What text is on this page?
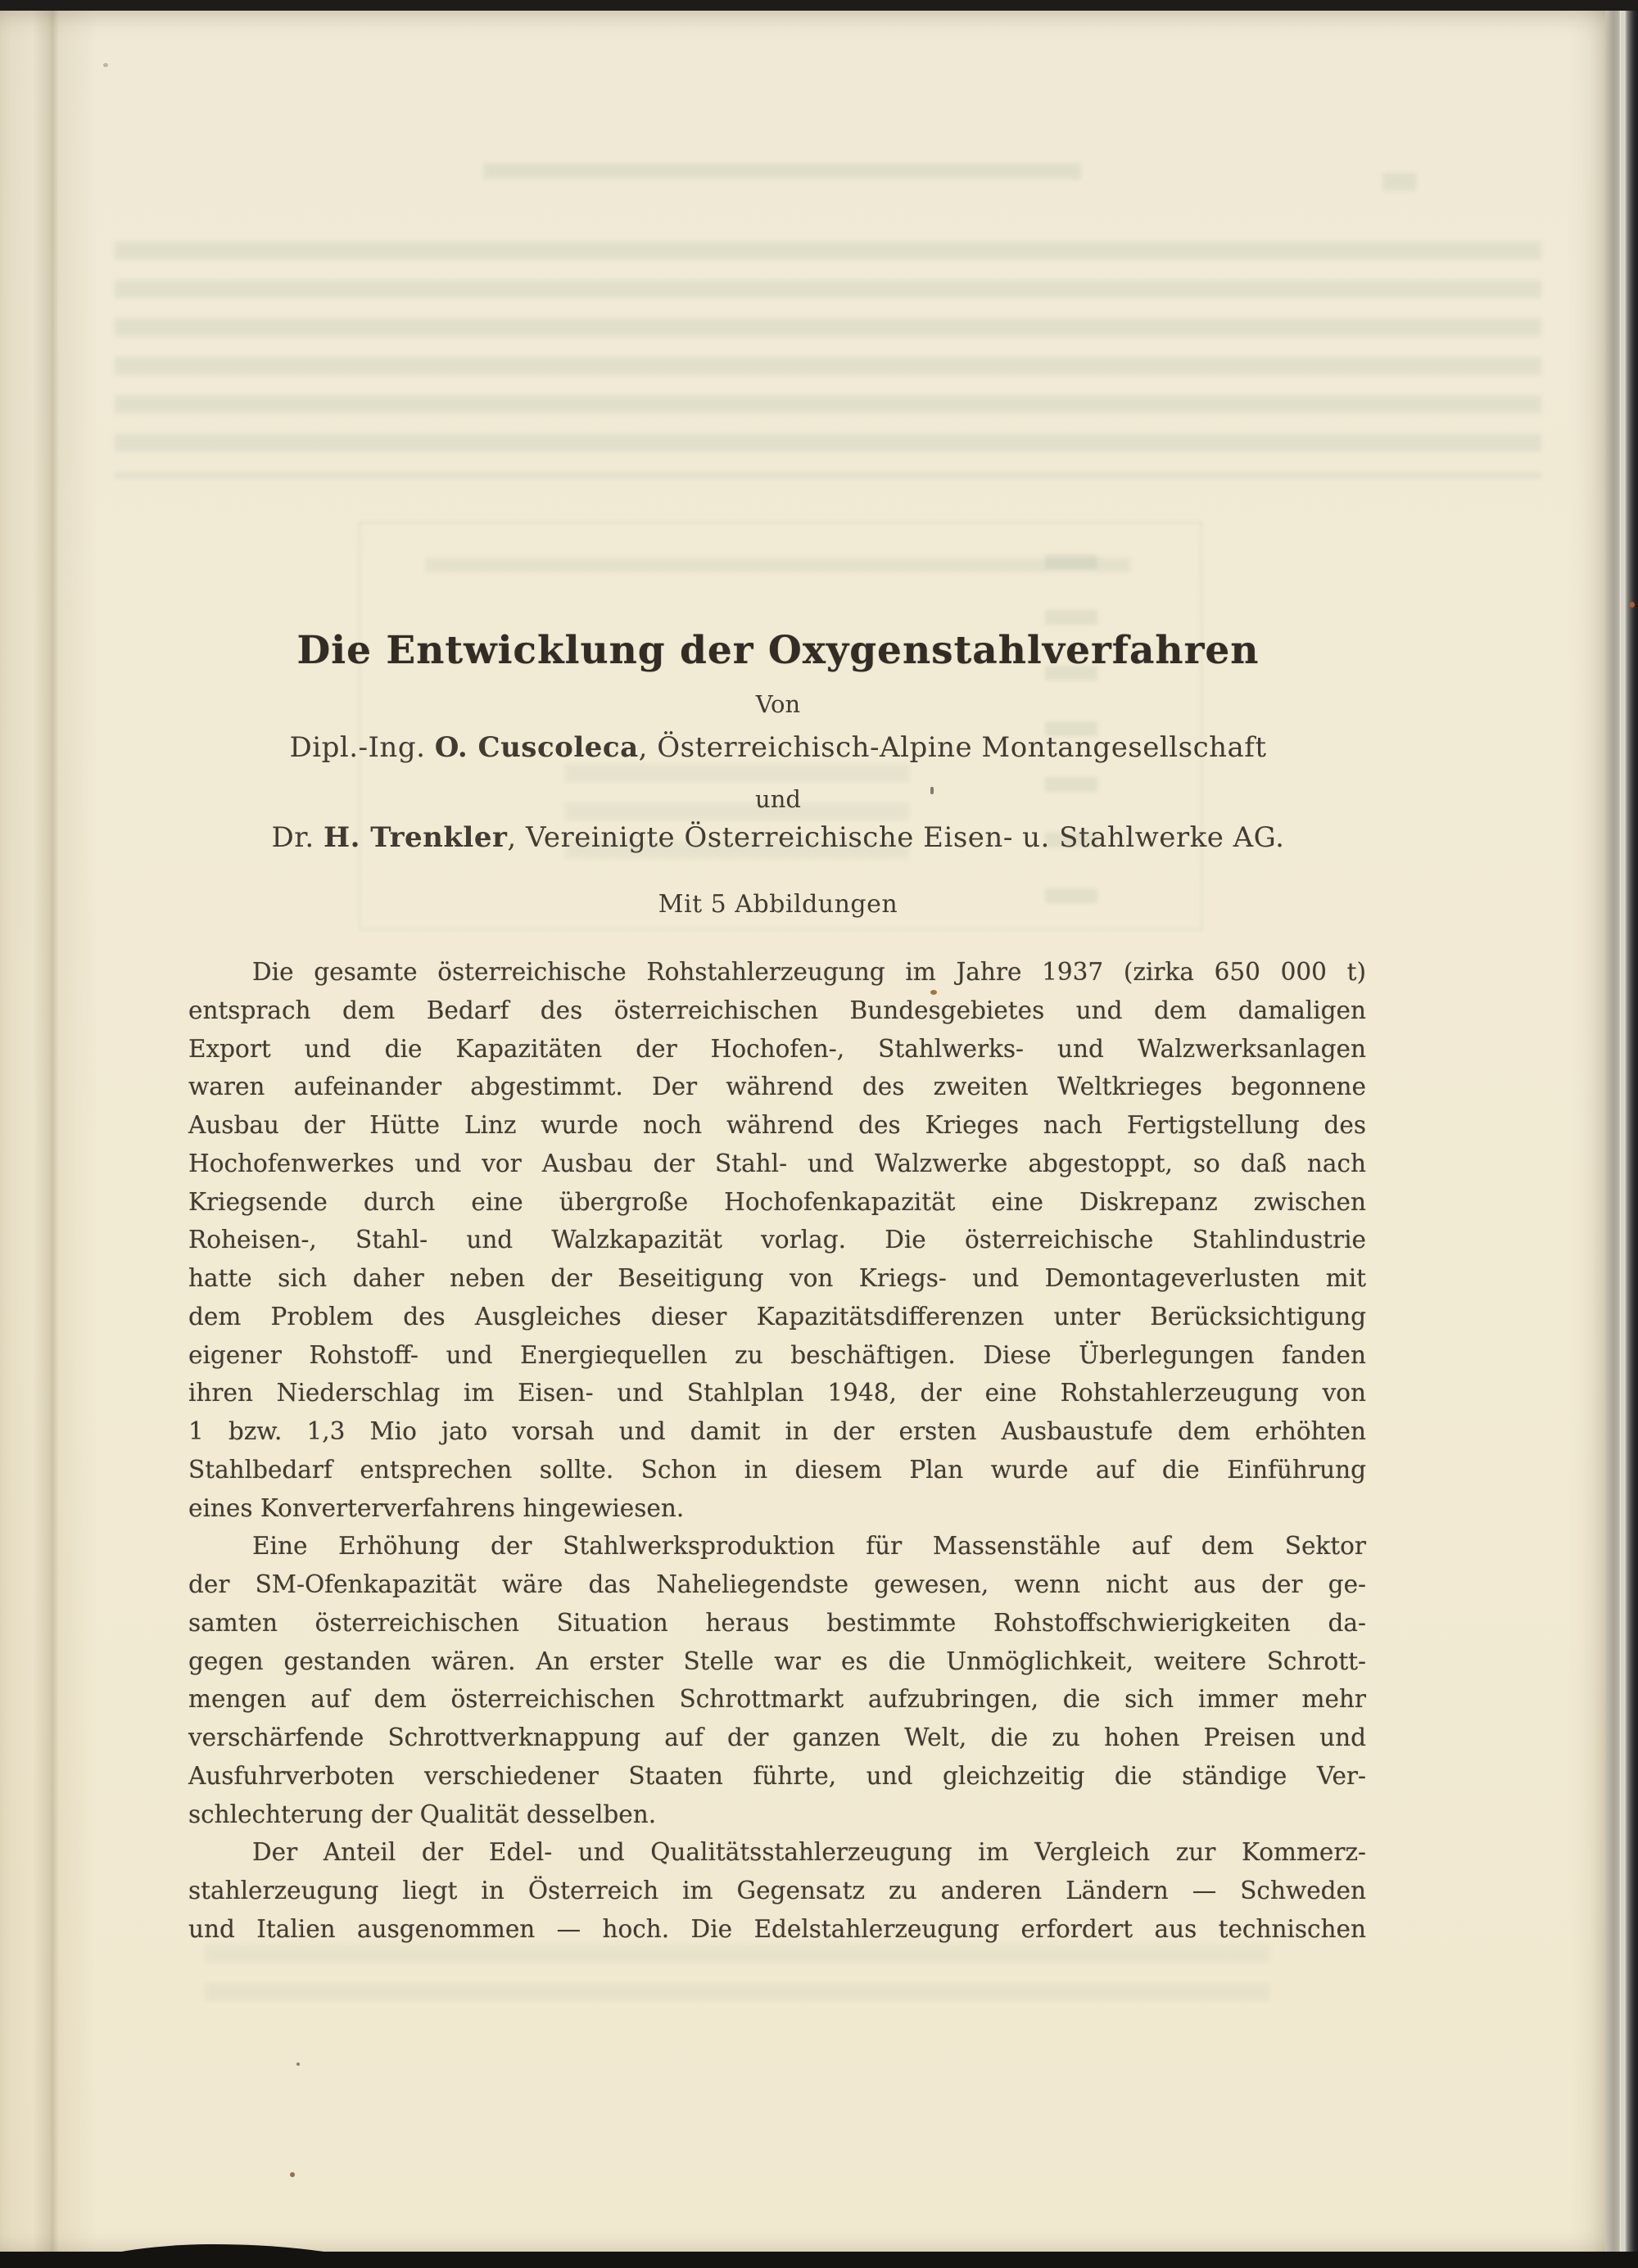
Die Entwicklung der Oxygenstahlverfahren
Von
Dipl.-Ing. O. Cuscoleca, Österreichisch-Alpine Montangesellschaft
und
Dr. H. Trenkler, Vereinigte Österreichische Eisen- u. Stahlwerke AG.
Mit 5 Abbildungen
Die gesamte österreichische Rohstahlerzeugung im Jahre 1937 (zirka 650 000 t)
entsprach dem Bedarf des österreichischen Bundesgebietes und dem damaligen
Export und die Kapazitäten der Hochofen-, Stahlwerks- und Walzwerksanlagen
waren aufeinander abgestimmt. Der während des zweiten Weltkrieges begonnene
Ausbau der Hütte Linz wurde noch während des Krieges nach Fertigstellung des
Hochofenwerkes und vor Ausbau der Stahl- und Walzwerke abgestoppt, so daß nach
Kriegsende durch eine übergroße Hochofenkapazität eine Diskrepanz zwischen
Roheisen-, Stahl- und Walzkapazität vorlag. Die österreichische Stahlindustrie
hatte sich daher neben der Beseitigung von Kriegs- und Demontageverlusten mit
dem Problem des Ausgleiches dieser Kapazitätsdifferenzen unter Berücksichtigung
eigener Rohstoff- und Energiequellen zu beschäftigen. Diese Überlegungen fanden
ihren Niederschlag im Eisen- und Stahlplan 1948, der eine Rohstahlerzeugung von
1 bzw. 1,3 Mio jato vorsah und damit in der ersten Ausbaustufe dem erhöhten
Stahlbedarf entsprechen sollte. Schon in diesem Plan wurde auf die Einführung
eines Konverterverfahrens hingewiesen.
Eine Erhöhung der Stahlwerksproduktion für Massenstähle auf dem Sektor
der SM-Ofenkapazität wäre das Naheliegendste gewesen, wenn nicht aus der ge-
samten österreichischen Situation heraus bestimmte Rohstoffschwierigkeiten da-
gegen gestanden wären. An erster Stelle war es die Unmöglichkeit, weitere Schrott-
mengen auf dem österreichischen Schrottmarkt aufzubringen, die sich immer mehr
verschärfende Schrottverknappung auf der ganzen Welt, die zu hohen Preisen und
Ausfuhrverboten verschiedener Staaten führte, und gleichzeitig die ständige Ver-
schlechterung der Qualität desselben.
Der Anteil der Edel- und Qualitätsstahlerzeugung im Vergleich zur Kommerz-
stahlerzeugung liegt in Österreich im Gegensatz zu anderen Ländern — Schweden
und Italien ausgenommen — hoch. Die Edelstahlerzeugung erfordert aus technischen
